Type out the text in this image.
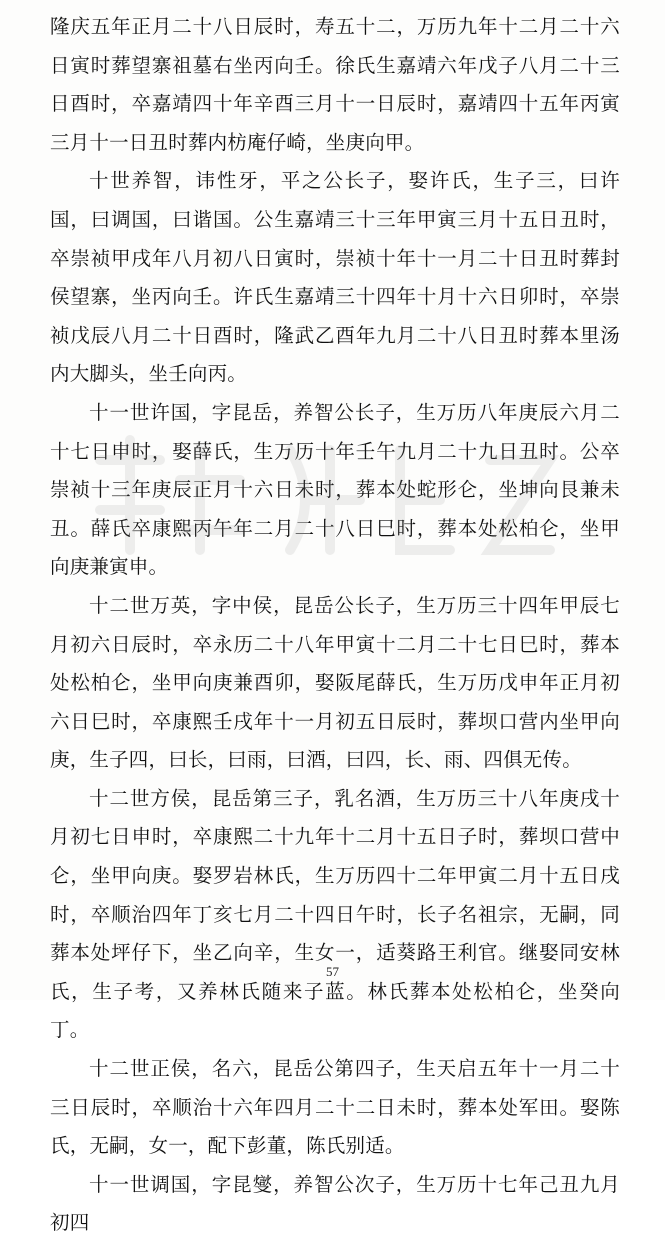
隆庆五年正月二十八日辰时，寿五十二，万历九年十二月二十六日寅时葬望寨祖墓右坐丙向壬。徐氏生嘉靖六年戊子八月二十三日酉时，卒嘉靖四十年辛酉三月十一日辰时，嘉靖四十五年丙寅三月十一日丑时葬内枋庵仔崎，坐庚向甲。

十世养智，讳性牙，平之公长子，娶许氏，生子三，曰许国，曰调国，曰谐国。公生嘉靖三十三年甲寅三月十五日丑时，卒崇祯甲戌年八月初八日寅时，崇祯十年十一月二十日丑时葬封侯望寨，坐丙向壬。许氏生嘉靖三十四年十月十六日卯时，卒崇祯戊辰八月二十日酉时，隆武乙酉年九月二十八日丑时葬本里汤内大脚头，坐壬向丙。

十一世许国，字昆岳，养智公长子，生万历八年庚辰六月二十七日申时，娶薛氏，生万历十年壬午九月二十九日丑时。公卒崇祯十三年庚辰正月十六日未时，葬本处蛇形仑，坐坤向艮兼未丑。薛氏卒康熙丙午年二月二十八日巳时，葬本处松柏仑，坐甲向庚兼寅申。

十二世万英，字中侯，昆岳公长子，生万历三十四年甲辰七月初六日辰时，卒永历二十八年甲寅十二月二十七日巳时，葬本处松柏仑，坐甲向庚兼酉卯，娶阪尾薛氏，生万历戊申年正月初六日巳时，卒康熙壬戌年十一月初五日辰时，葬坝口营内坐甲向庚，生子四，曰长，曰雨，曰酒，曰四，长、雨、四俱无传。

十二世方侯，昆岳第三子，乳名酒，生万历三十八年庚戌十月初七日申时，卒康熙二十九年十二月十五日子时，葬坝口营中仑，坐甲向庚。娶罗岩林氏，生万历四十二年甲寅二月十五日戌时，卒顺治四年丁亥七月二十四日午时，长子名祖宗，无嗣，同葬本处坪仔下，坐乙向辛，生女一，适葵路王利官。继娶同安林氏，生子考，又养林氏随来子蓝。林氏葬本处松柏仑，坐癸向丁。

十二世正侯，名六，昆岳公第四子，生天启五年十一月二十三日辰时，卒顺治十六年四月二十二日未时，葬本处军田。娶陈氏，无嗣，女一，配下彭董，陈氏别适。

十一世调国，字昆燮，养智公次子，生万历十七年己丑九月初四

57
